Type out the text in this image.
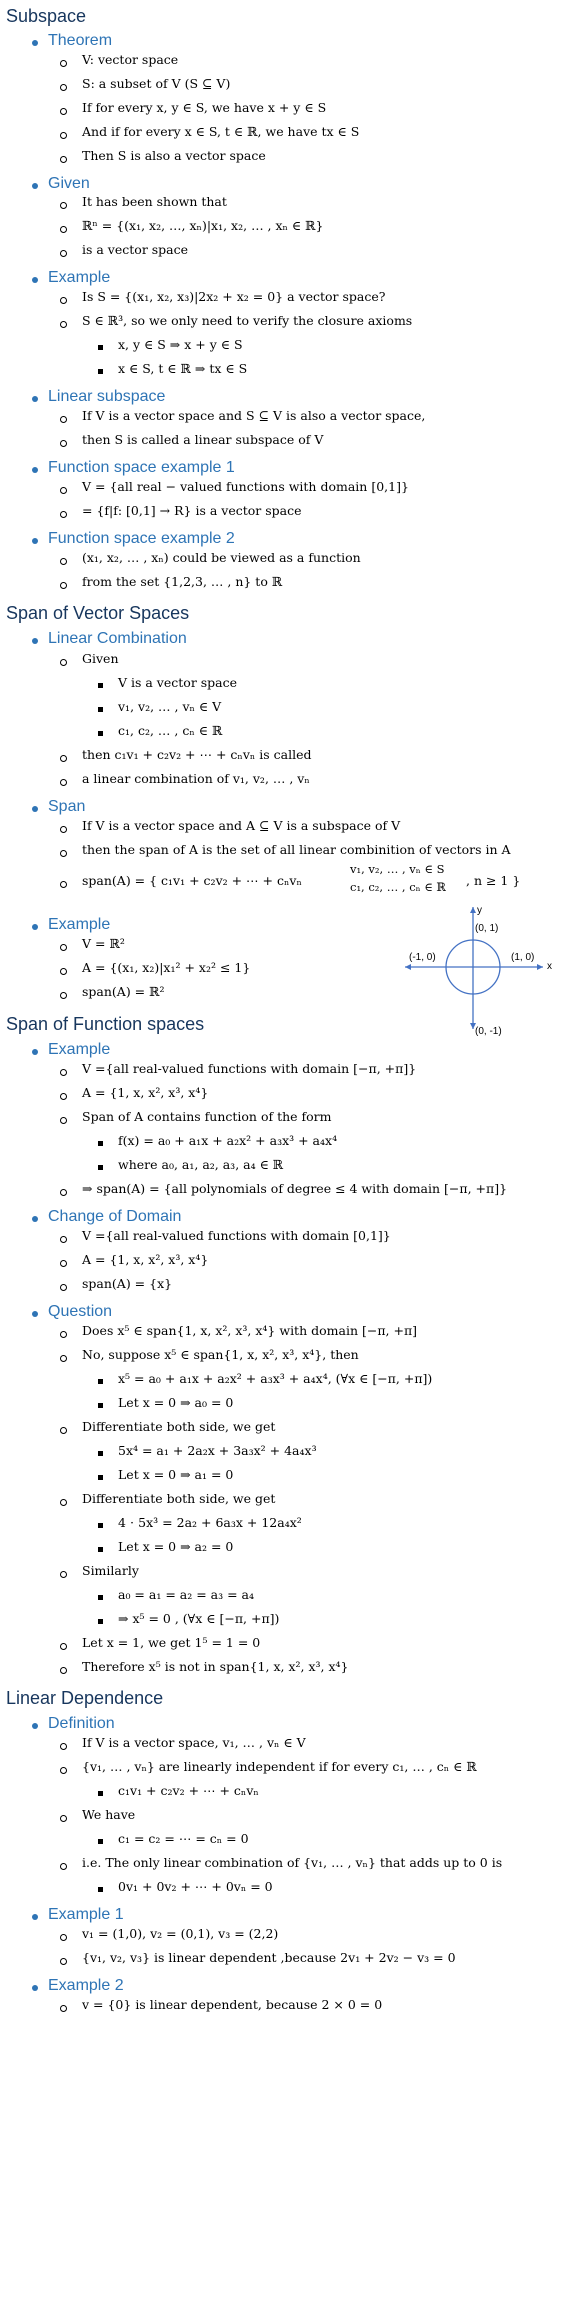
Subspace
Theorem
V: vector space
S: a subset of V (S ⊆ V)
If for every x, y ∈ S, we have x + y ∈ S
And if for every x ∈ S, t ∈ ℝ, we have tx ∈ S
Then S is also a vector space
Given
It has been shown that
ℝⁿ = {(x₁, x₂, …, xₙ)|x₁, x₂, … , xₙ ∈ ℝ}
is a vector space
Example
Is S = {(x₁, x₂, x₃)|2x₂ + x₂ = 0} a vector space?
S ∈ ℝ³, so we only need to verify the closure axioms
x, y ∈ S ⇒ x + y ∈ S
x ∈ S, t ∈ ℝ ⇒ tx ∈ S
Linear subspace
If V is a vector space and S ⊆ V is also a vector space,
then S is called a linear subspace of V
Function space example 1
V = {all real − valued functions with domain [0,1]}
= {f|f: [0,1] → R} is a vector space
Function space example 2
(x₁, x₂, … , xₙ) could be viewed as a function
from the set {1,2,3, … , n} to ℝ
Span of Vector Spaces
Linear Combination
Given
V is a vector space
v₁, v₂, … , vₙ ∈ V
c₁, c₂, … , cₙ ∈ ℝ
then c₁v₁ + c₂v₂ + ⋯ + cₙvₙ is called
a linear combination of v₁, v₂, … , vₙ
Span
If V is a vector space and A ⊆ V is a subspace of V
then the span of A is the set of all linear combinition of vectors in A
span(A) = { c₁v₁ + c₂v₂ + ⋯ + cₙvₙ
v₁, v₂, … , vₙ ∈ S
c₁, c₂, … , cₙ ∈ ℝ , n ≥ 1 }
Example
V = ℝ²
A = {(x₁, x₂)|x₁² + x₂² ≤ 1}
span(A) = ℝ²
y
x
(0, 1)
(0, -1)
(-1, 0)	(1, 0)
Span of Function spaces
Example
V ={all real-valued functions with domain [−π, +π]}
A = {1, x, x², x³, x⁴}
Span of A contains function of the form
f(x) = a₀ + a₁x + a₂x² + a₃x³ + a₄x⁴
where a₀, a₁, a₂, a₃, a₄ ∈ ℝ
⇒ span(A) = {all polynomials of degree ≤ 4 with domain [−π, +π]}
Change of Domain
V ={all real-valued functions with domain [0,1]}
A = {1, x, x², x³, x⁴}
span(A) = {x}
Question
Does x⁵ ∈ span{1, x, x², x³, x⁴} with domain [−π, +π]
No, suppose x⁵ ∈ span{1, x, x², x³, x⁴}, then
x⁵ = a₀ + a₁x + a₂x² + a₃x³ + a₄x⁴, (∀x ∈ [−π, +π])
Let x = 0 ⇒ a₀ = 0
Differentiate both side, we get
5x⁴ = a₁ + 2a₂x + 3a₃x² + 4a₄x³
Let x = 0 ⇒ a₁ = 0
Differentiate both side, we get
4 ⋅ 5x³ = 2a₂ + 6a₃x + 12a₄x²
Let x = 0 ⇒ a₂ = 0
Similarly
a₀ = a₁ = a₂ = a₃ = a₄
⇒ x⁵ = 0 , (∀x ∈ [−π, +π])
Let x = 1, we get 1⁵ = 1 = 0
Therefore x⁵ is not in span{1, x, x², x³, x⁴}
Linear Dependence
Definition
If V is a vector space, v₁, … , vₙ ∈ V
{v₁, … , vₙ} are linearly independent if for every c₁, … , cₙ ∈ ℝ
c₁v₁ + c₂v₂ + ⋯ + cₙvₙ
We have
c₁ = c₂ = ⋯ = cₙ = 0
i.e. The only linear combination of {v₁, … , vₙ} that adds up to 0 is
0v₁ + 0v₂ + ⋯ + 0vₙ = 0
Example 1
v₁ = (1,0), v₂ = (0,1), v₃ = (2,2)
{v₁, v₂, v₃} is linear dependent ,because 2v₁ + 2v₂ − v₃ = 0
Example 2
v = {0} is linear dependent, because 2 × 0 = 0
